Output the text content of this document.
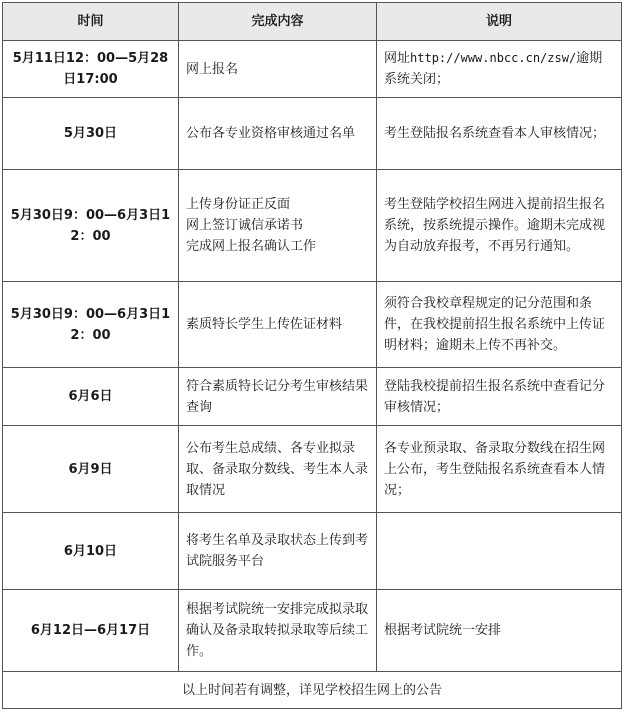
时间	完成内容	说明
5月11日12：00—5月28日17:00	网上报名	网址http://www.nbcc.cn/zsw/逾期系统关闭；
5月30日	公布各专业资格审核通过名单	考生登陆报名系统查看本人审核情况；
5月30日9：00—6月3日12：00	上传身份证正反面
网上签订诚信承诺书
完成网上报名确认工作	考生登陆学校招生网进入提前招生报名系统，按系统提示操作。逾期未完成视为自动放弃报考，不再另行通知。
5月30日9：00—6月3日12：00	素质特长学生上传佐证材料	须符合我校章程规定的记分范围和条件，在我校提前招生报名系统中上传证明材料；逾期未上传不再补交。
6月6日	符合素质特长记分考生审核结果查询	登陆我校提前招生报名系统中查看记分审核情况；
6月9日	公布考生总成绩、各专业拟录取、备录取分数线、考生本人录取情况	各专业预录取、备录取分数线在招生网上公布，考生登陆报名系统查看本人情况；
6月10日	将考生名单及录取状态上传到考试院服务平台	
6月12日—6月17日	根据考试院统一安排完成拟录取确认及备录取转拟录取等后续工作。	根据考试院统一安排
以上时间若有调整，详见学校招生网上的公告		
